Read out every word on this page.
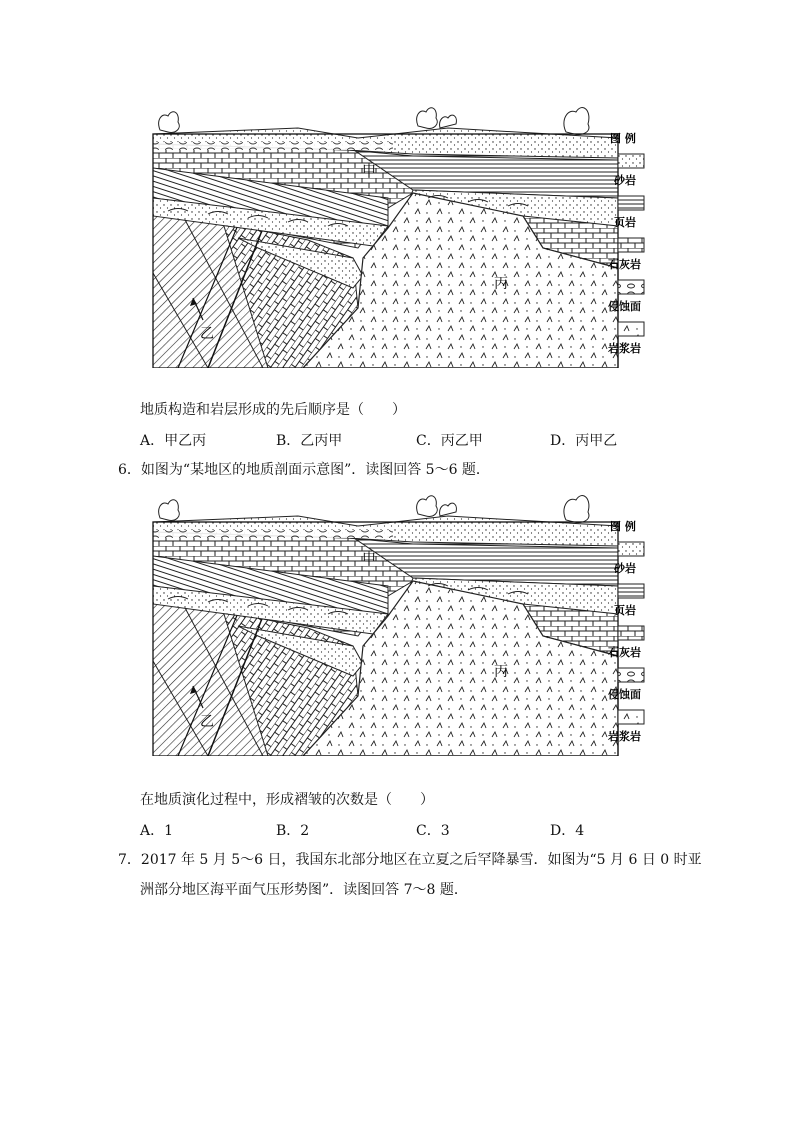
甲
乙
丙
图 例
砂岩
页岩
石灰岩
侵蚀面
岩浆岩
地质构造和岩层形成的先后顺序是（　　）
A．甲乙丙	B．乙丙甲	C．丙乙甲	D．丙甲乙
6．如图为“某地区的地质剖面示意图”．读图回答 5～6 题．
甲
乙
丙
图 例
砂岩
页岩
石灰岩
侵蚀面
岩浆岩
在地质演化过程中，形成褶皱的次数是（　　）
A．1	B．2	C．3	D．4
7．2017 年 5 月 5～6 日，我国东北部分地区在立夏之后罕降暴雪．如图为“5 月 6 日 0 时亚
洲部分地区海平面气压形势图”．读图回答 7～8 题．
